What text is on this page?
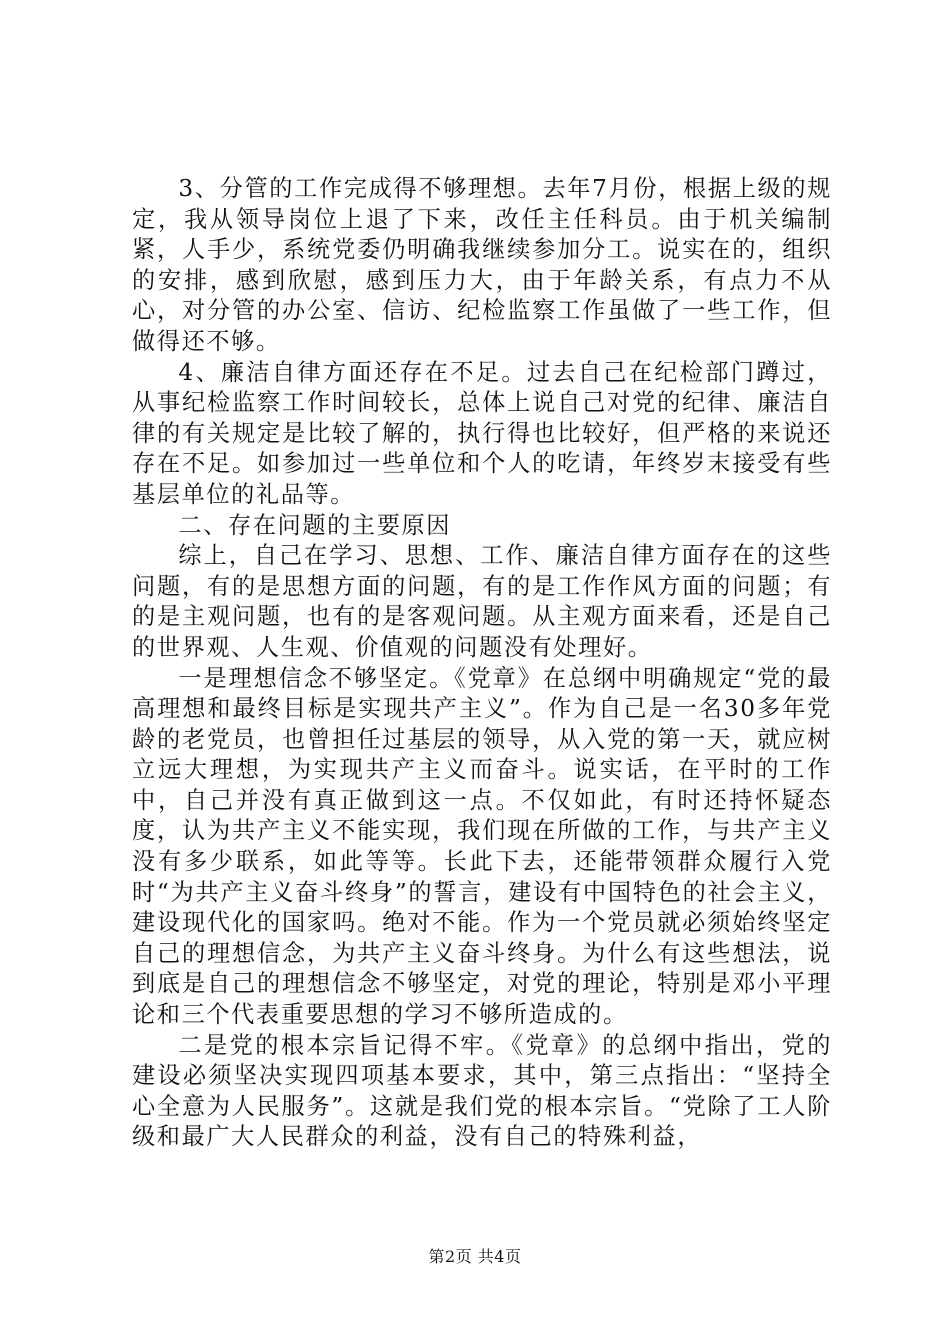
3、分管的工作完成得不够理想。去年7月份，根据上级的规定，我从领导岗位上退了下来，改任主任科员。由于机关编制紧，人手少，系统党委仍明确我继续参加分工。说实在的，组织的安排，感到欣慰，感到压力大，由于年龄关系，有点力不从心，对分管的办公室、信访、纪检监察工作虽做了一些工作，但做得还不够。

4、廉洁自律方面还存在不足。过去自己在纪检部门蹲过，从事纪检监察工作时间较长，总体上说自己对党的纪律、廉洁自律的有关规定是比较了解的，执行得也比较好，但严格的来说还存在不足。如参加过一些单位和个人的吃请，年终岁末接受有些基层单位的礼品等。

二、存在问题的主要原因

综上，自己在学习、思想、工作、廉洁自律方面存在的这些问题，有的是思想方面的问题，有的是工作作风方面的问题；有的是主观问题，也有的是客观问题。从主观方面来看，还是自己的世界观、人生观、价值观的问题没有处理好。

一是理想信念不够坚定。《党章》在总纲中明确规定“党的最高理想和最终目标是实现共产主义”。作为自己是一名30多年党龄的老党员，也曾担任过基层的领导，从入党的第一天，就应树立远大理想，为实现共产主义而奋斗。说实话，在平时的工作中，自己并没有真正做到这一点。不仅如此，有时还持怀疑态度，认为共产主义不能实现，我们现在所做的工作，与共产主义没有多少联系，如此等等。长此下去，还能带领群众履行入党时“为共产主义奋斗终身”的誓言，建设有中国特色的社会主义，建设现代化的国家吗。绝对不能。作为一个党员就必须始终坚定自己的理想信念，为共产主义奋斗终身。为什么有这些想法，说到底是自己的理想信念不够坚定，对党的理论，特别是邓小平理论和三个代表重要思想的学习不够所造成的。

二是党的根本宗旨记得不牢。《党章》的总纲中指出，党的建设必须坚决实现四项基本要求，其中，第三点指出：“坚持全心全意为人民服务”。这就是我们党的根本宗旨。“党除了工人阶级和最广大人民群众的利益，没有自己的特殊利益，

第2页 共4页
